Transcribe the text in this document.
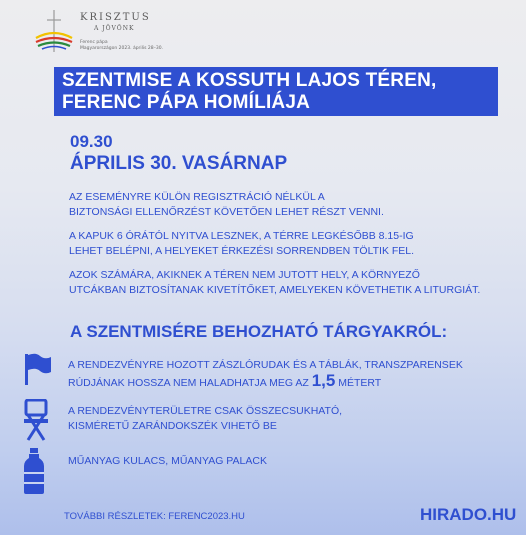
KRISZTUS
A JÖVŐNK
Ferenc pápa
Magyarországon 2023. április 28–30.
SZENTMISE A KOSSUTH LAJOS TÉREN,
FERENC PÁPA HOMÍLIÁJA
09.30
ÁPRILIS 30. VASÁRNAP
AZ ESEMÉNYRE KÜLÖN REGISZTRÁCIÓ NÉLKÜL A
BIZTONSÁGI ELLENŐRZÉST KÖVETŐEN LEHET RÉSZT VENNI.
A KAPUK 6 ÓRÁTÓL NYITVA LESZNEK, A TÉRRE LEGKÉSŐBB 8.15-IG
LEHET BELÉPNI, A HELYEKET ÉRKEZÉSI SORRENDBEN TÖLTIK FEL.
AZOK SZÁMÁRA, AKIKNEK A TÉREN NEM JUTOTT HELY, A KÖRNYEZŐ
UTCÁKBAN BIZTOSÍTANAK KIVETÍTŐKET, AMELYEKEN KÖVETHETIK A LITURGIÁT.
A SZENTMISÉRE BEHOZHATÓ TÁRGYAKRÓL:
A RENDEZVÉNYRE HOZOTT ZÁSZLÓRUDAK ÉS A TÁBLÁK, TRANSZPARENSEK
RÚDJÁNAK HOSSZA NEM HALADHATJA MEG AZ 1,5 MÉTERT
A RENDEZVÉNYTERÜLETRE CSAK ÖSSZECSUKHATÓ,
KISMÉRETŰ ZARÁNDOKSZÉK VIHETŐ BE
MŰANYAG KULACS, MŰANYAG PALACK
TOVÁBBI RÉSZLETEK: FERENC2023.HU	HIRADO.HU
